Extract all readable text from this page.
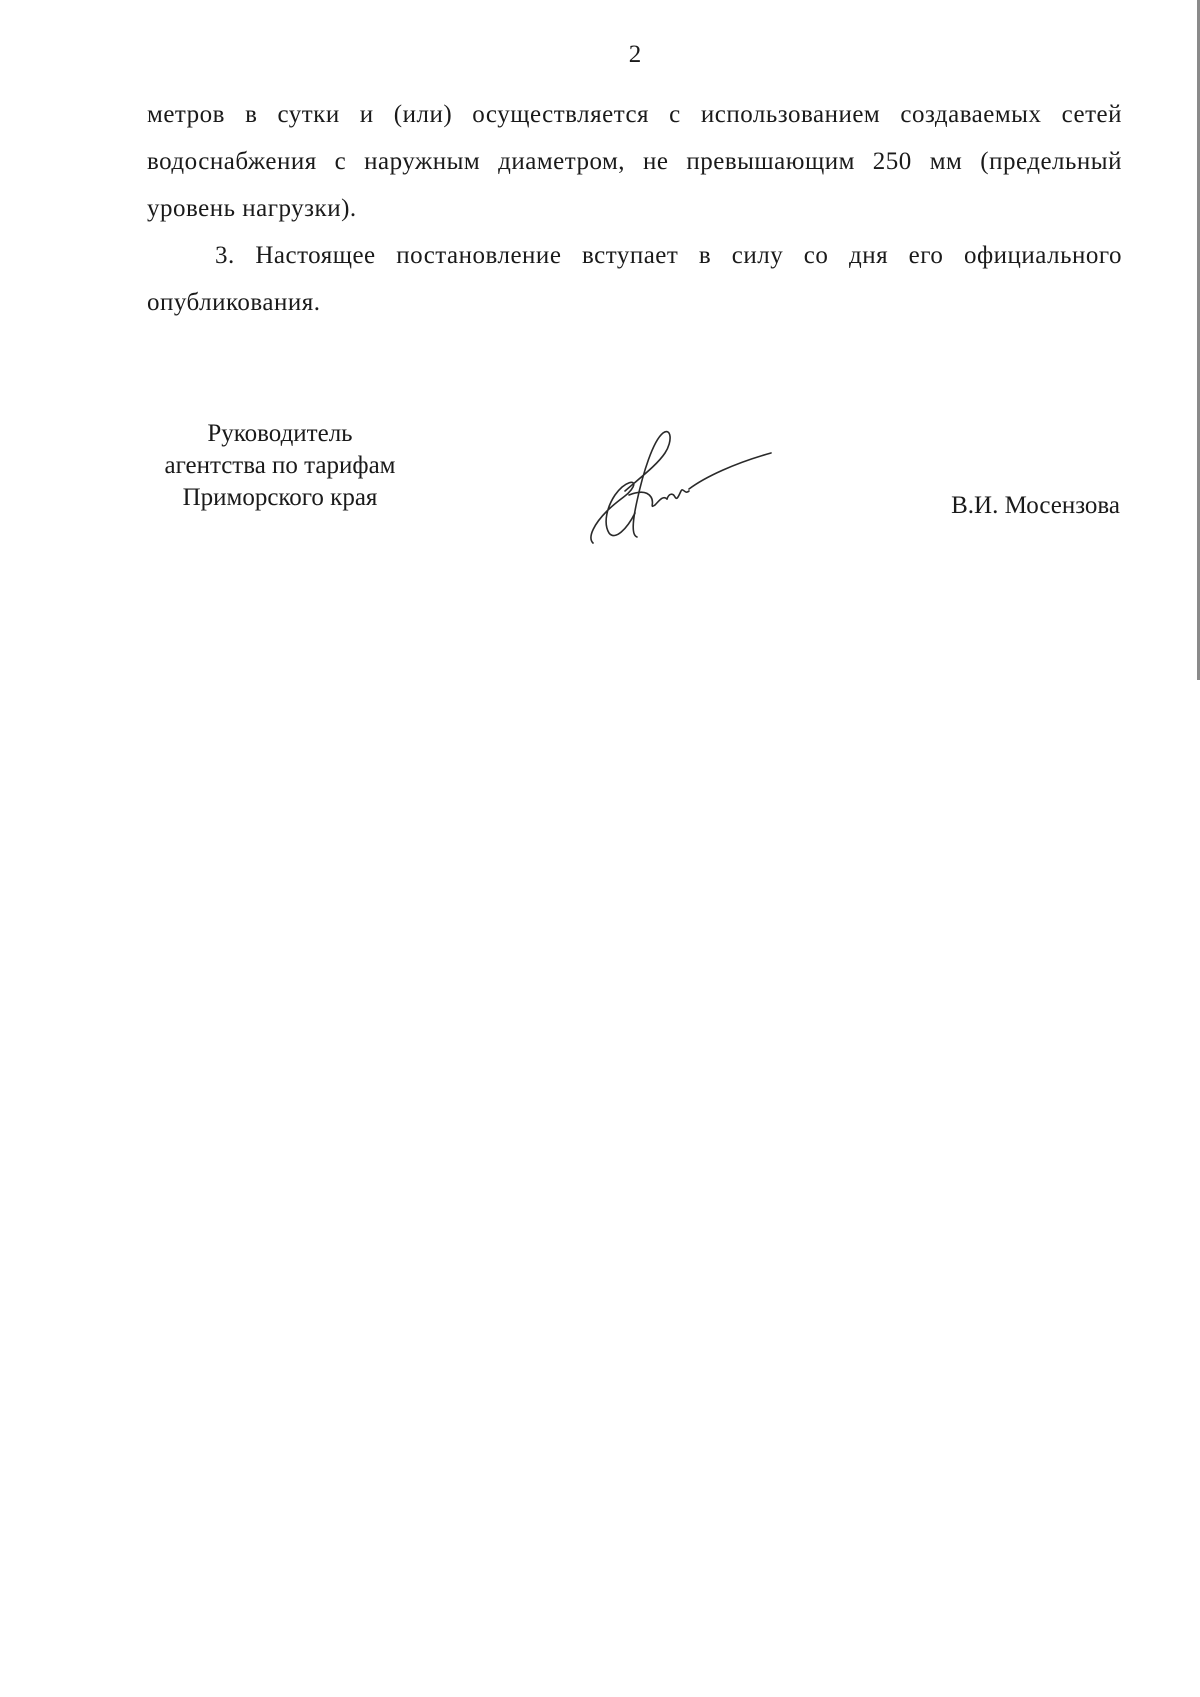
2

метров в сутки и (или) осуществляется с использованием создаваемых сетей водоснабжения с наружным диаметром, не превышающим 250 мм (предельный уровень нагрузки).

3. Настоящее постановление вступает в силу со дня его официального опубликования.

Руководитель
агентства по тарифам
Приморского края	В.И. Мосензова
